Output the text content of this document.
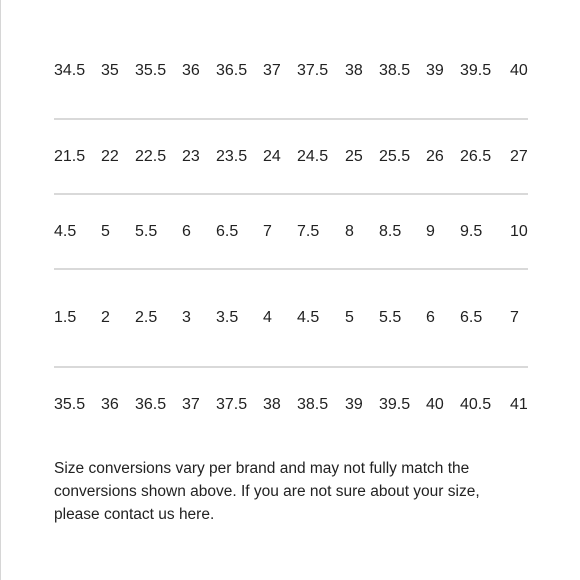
34.5 35 35.5 36 36.5 37 37.5 38 38.5 39 39.5 40
21.5 22 22.5 23 23.5 24 24.5 25 25.5 26 26.5 27
4.5 5 5.5 6 6.5 7 7.5 8 8.5 9 9.5 10
1.5 2 2.5 3 3.5 4 4.5 5 5.5 6 6.5 7
35.5 36 36.5 37 37.5 38 38.5 39 39.5 40 40.5 41

Size conversions vary per brand and may not fully match the conversions shown above. If you are not sure about your size, please contact us here.
